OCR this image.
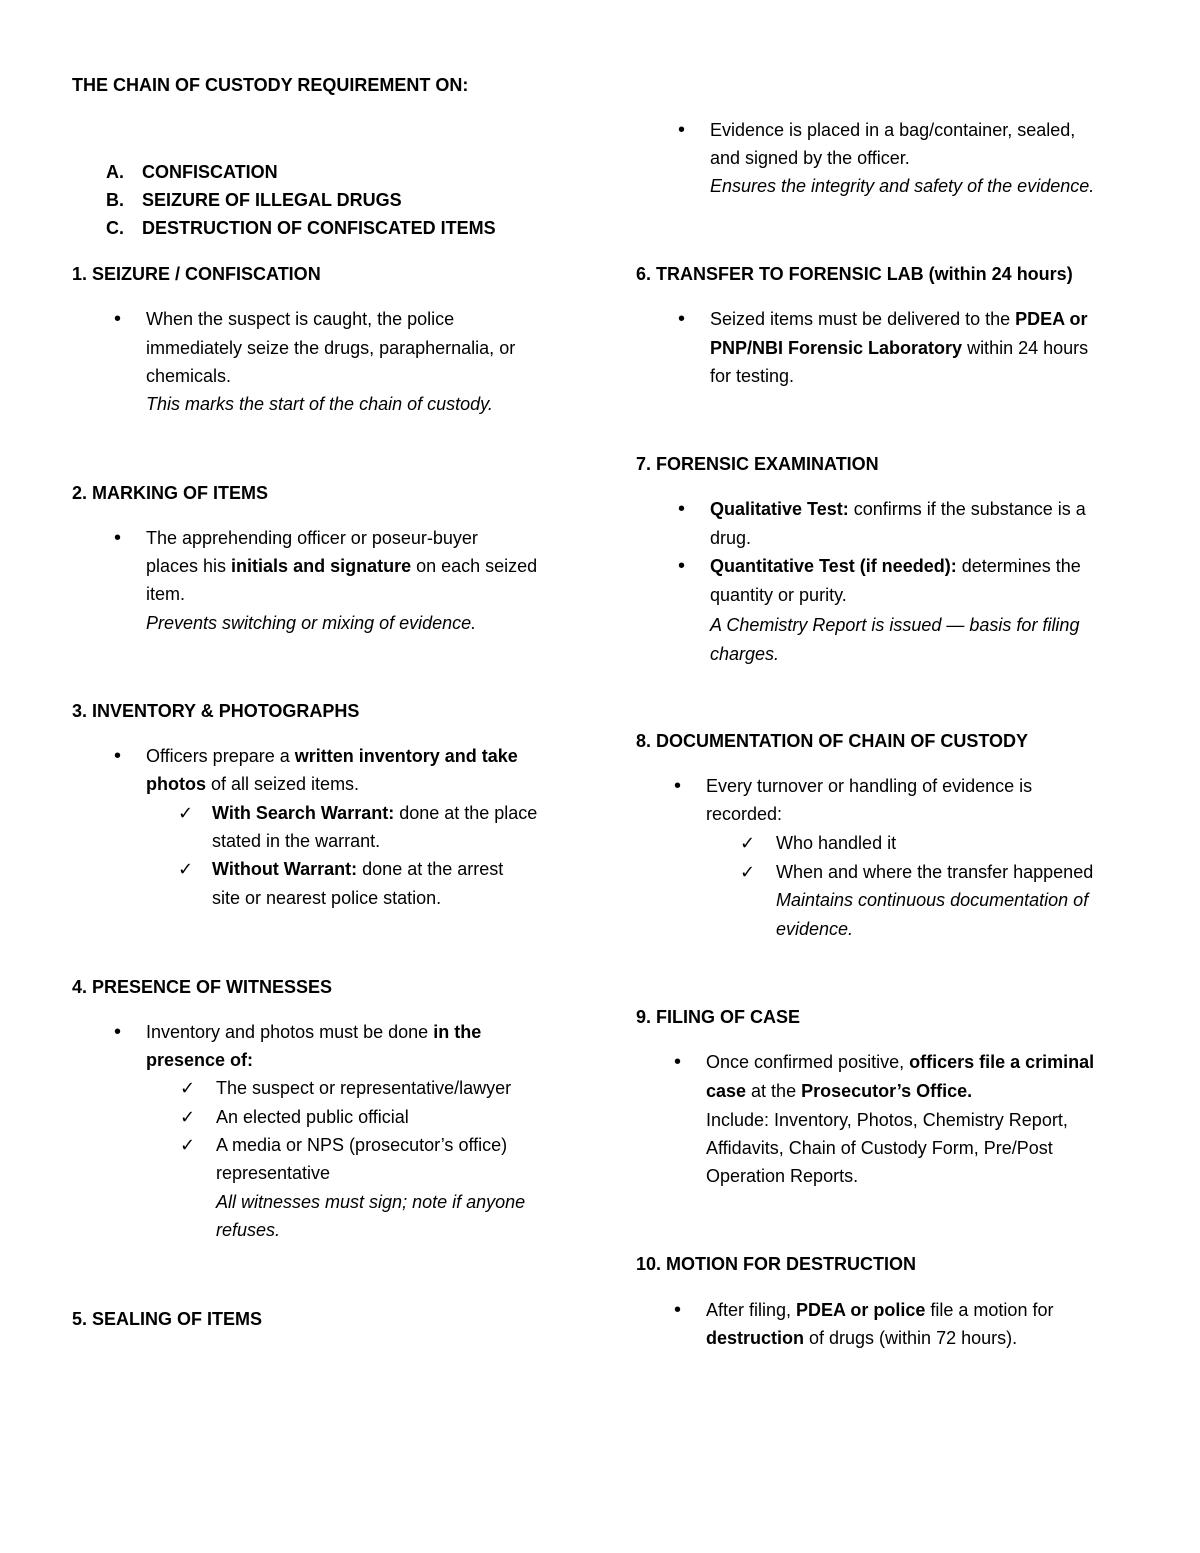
THE CHAIN OF CUSTODY REQUIREMENT ON:
A. CONFISCATION
B. SEIZURE OF ILLEGAL DRUGS
C. DESTRUCTION OF CONFISCATED ITEMS
1. SEIZURE / CONFISCATION
• When the suspect is caught, the police
immediately seize the drugs, paraphernalia, or
chemicals.
This marks the start of the chain of custody.
2. MARKING OF ITEMS
• The apprehending officer or poseur-buyer
places his initials and signature on each seized
item.
Prevents switching or mixing of evidence.
3. INVENTORY & PHOTOGRAPHS
• Officers prepare a written inventory and take
photos of all seized items.
✓ With Search Warrant: done at the place
stated in the warrant.
✓ Without Warrant: done at the arrest
site or nearest police station.
4. PRESENCE OF WITNESSES
• Inventory and photos must be done in the
presence of:
✓ The suspect or representative/lawyer
✓ An elected public official
✓ A media or NPS (prosecutor’s office)
representative
All witnesses must sign; note if anyone
refuses.
5. SEALING OF ITEMS
• Evidence is placed in a bag/container, sealed,
and signed by the officer.
Ensures the integrity and safety of the evidence.
6. TRANSFER TO FORENSIC LAB (within 24 hours)
• Seized items must be delivered to the PDEA or
PNP/NBI Forensic Laboratory within 24 hours
for testing.
7. FORENSIC EXAMINATION
• Qualitative Test: confirms if the substance is a
drug.
• Quantitative Test (if needed): determines the
quantity or purity.
A Chemistry Report is issued — basis for filing
charges.
8. DOCUMENTATION OF CHAIN OF CUSTODY
• Every turnover or handling of evidence is
recorded:
✓ Who handled it
✓ When and where the transfer happened
Maintains continuous documentation of
evidence.
9. FILING OF CASE
• Once confirmed positive, officers file a criminal
case at the Prosecutor’s Office.
Include: Inventory, Photos, Chemistry Report,
Affidavits, Chain of Custody Form, Pre/Post
Operation Reports.
10. MOTION FOR DESTRUCTION
• After filing, PDEA or police file a motion for
destruction of drugs (within 72 hours).
